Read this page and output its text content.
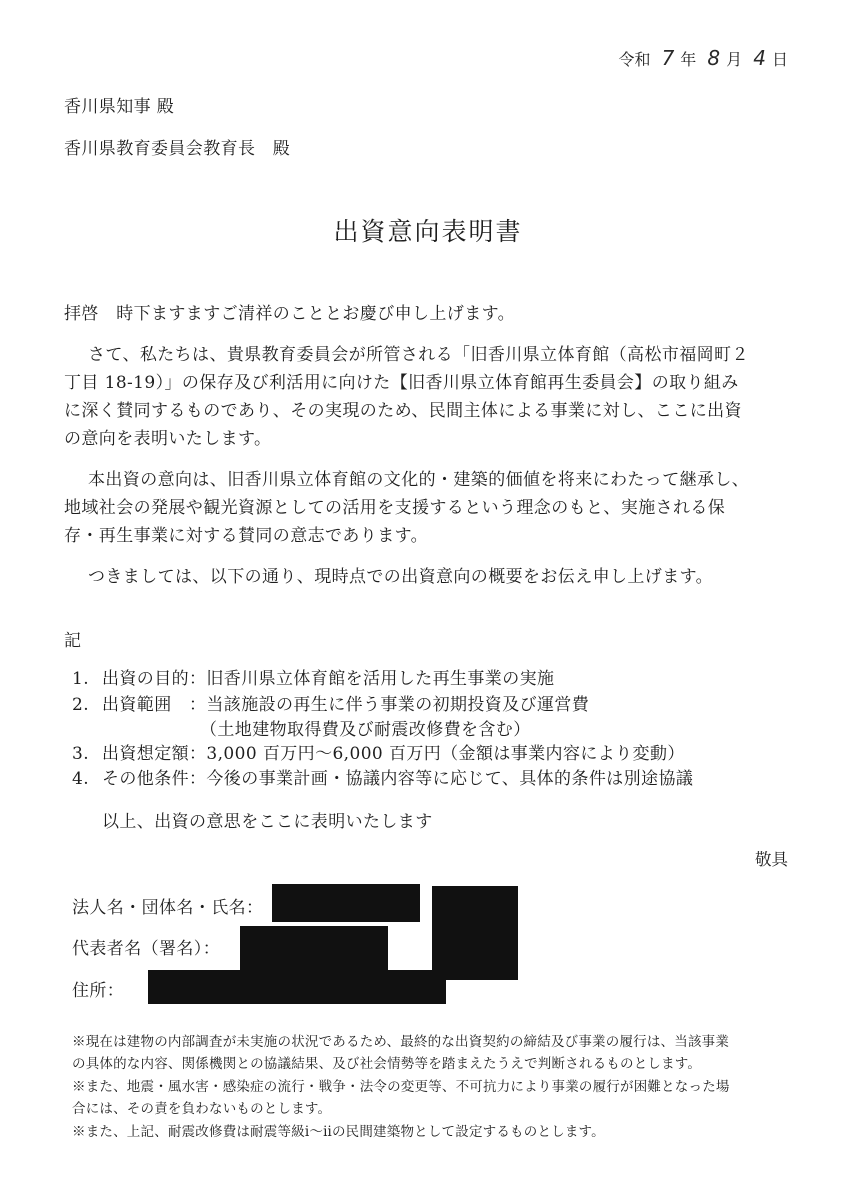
令和 7 年 8 月 4 日
香川県知事 殿
香川県教育委員会教育長　殿
出資意向表明書
拝啓　時下ますますご清祥のこととお慶び申し上げます。
さて、私たちは、貴県教育委員会が所管される「旧香川県立体育館（高松市福岡町２
丁目 18-19）」の保存及び利活用に向けた【旧香川県立体育館再生委員会】の取り組み
に深く賛同するものであり、その実現のため、民間主体による事業に対し、ここに出資
の意向を表明いたします。
本出資の意向は、旧香川県立体育館の文化的・建築的価値を将来にわたって継承し、
地域社会の発展や観光資源としての活用を支援するという理念のもと、実施される保
存・再生事業に対する賛同の意志であります。
つきましては、以下の通り、現時点での出資意向の概要をお伝え申し上げます。
記
1. 出資の目的：旧香川県立体育館を活用した再生事業の実施
2. 出資範囲　：当該施設の再生に伴う事業の初期投資及び運営費
（土地建物取得費及び耐震改修費を含む）
3. 出資想定額：3,000 百万円～6,000 百万円（金額は事業内容により変動）
4. その他条件：今後の事業計画・協議内容等に応じて、具体的条件は別途協議
以上、出資の意思をここに表明いたします
敬具
法人名・団体名・氏名：
代表者名（署名）：
住所：
※現在は建物の内部調査が未実施の状況であるため、最終的な出資契約の締結及び事業の履行は、当該事業
の具体的な内容、関係機関との協議結果、及び社会情勢等を踏まえたうえで判断されるものとします。
※また、地震・風水害・感染症の流行・戦争・法令の変更等、不可抗力により事業の履行が困難となった場
合には、その責を負わないものとします。
※また、上記、耐震改修費は耐震等級ⅰ～ⅱの民間建築物として設定するものとします。
